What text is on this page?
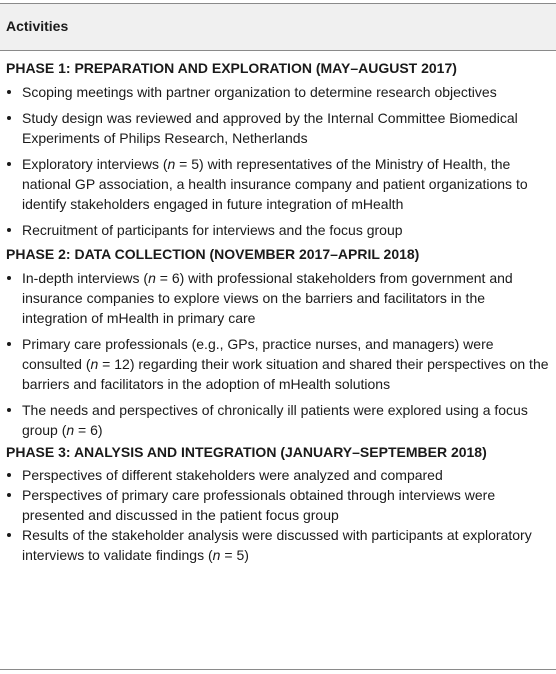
Activities

PHASE 1: PREPARATION AND EXPLORATION (MAY–AUGUST 2017)

Scoping meetings with partner organization to determine research objectives
Study design was reviewed and approved by the Internal Committee Biomedical Experiments of Philips Research, Netherlands
Exploratory interviews (n = 5) with representatives of the Ministry of Health, the national GP association, a health insurance company and patient organizations to identify stakeholders engaged in future integration of mHealth
Recruitment of participants for interviews and the focus group

PHASE 2: DATA COLLECTION (NOVEMBER 2017–APRIL 2018)

In-depth interviews (n = 6) with professional stakeholders from government and insurance companies to explore views on the barriers and facilitators in the integration of mHealth in primary care
Primary care professionals (e.g., GPs, practice nurses, and managers) were consulted (n = 12) regarding their work situation and shared their perspectives on the barriers and facilitators in the adoption of mHealth solutions
The needs and perspectives of chronically ill patients were explored using a focus group (n = 6)

PHASE 3: ANALYSIS AND INTEGRATION (JANUARY–SEPTEMBER 2018)

Perspectives of different stakeholders were analyzed and compared
Perspectives of primary care professionals obtained through interviews were presented and discussed in the patient focus group
Results of the stakeholder analysis were discussed with participants at exploratory interviews to validate findings (n = 5)
